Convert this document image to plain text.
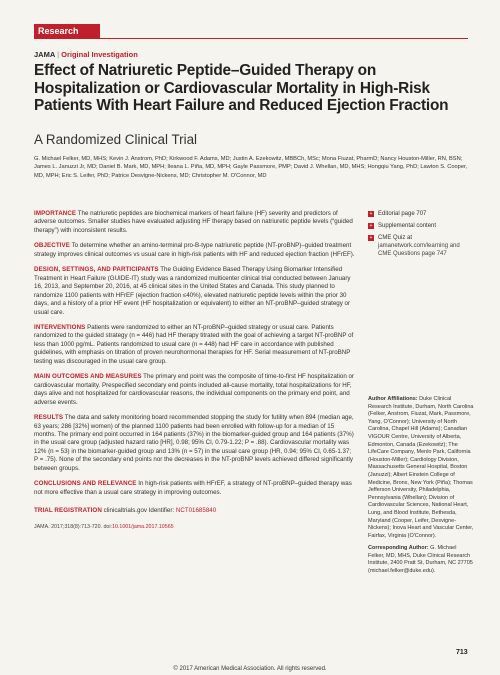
Research
JAMA | Original Investigation
Effect of Natriuretic Peptide–Guided Therapy on Hospitalization or Cardiovascular Mortality in High-Risk Patients With Heart Failure and Reduced Ejection Fraction
A Randomized Clinical Trial
G. Michael Felker, MD, MHS; Kevin J. Anstrom, PhD; Kirkwood F. Adams, MD; Justin A. Ezekowitz, MBBCh, MSc; Mona Fiuzat, PharmD; Nancy Houston-Miller, RN, BSN; James L. Januzzi Jr, MD; Daniel B. Mark, MD, MPH; Ileana L. Piña, MD, MPH; Gayle Passmore, PMP; David J. Whellan, MD, MHS; Hongqiu Yang, PhD; Lawton S. Cooper, MD, MPH; Eric S. Leifer, PhD; Patrice Desvigne-Nickens, MD; Christopher M. O'Connor, MD

IMPORTANCE The natriuretic peptides are biochemical markers of heart failure (HF) severity and predictors of adverse outcomes. Smaller studies have evaluated adjusting HF therapy based on natriuretic peptide levels (“guided therapy”) with inconsistent results.

OBJECTIVE To determine whether an amino-terminal pro-B-type natriuretic peptide (NT-proBNP)–guided treatment strategy improves clinical outcomes vs usual care in high-risk patients with HF and reduced ejection fraction (HFrEF).

DESIGN, SETTINGS, AND PARTICIPANTS The Guiding Evidence Based Therapy Using Biomarker Intensified Treatment in Heart Failure (GUIDE-IT) study was a randomized multicenter clinical trial conducted between January 16, 2013, and September 20, 2016, at 45 clinical sites in the United States and Canada. This study planned to randomize 1100 patients with HFrEF (ejection fraction ≤40%), elevated natriuretic peptide levels within the prior 30 days, and a history of a prior HF event (HF hospitalization or equivalent) to either an NT-proBNP–guided strategy or usual care.

INTERVENTIONS Patients were randomized to either an NT-proBNP–guided strategy or usual care. Patients randomized to the guided strategy (n = 446) had HF therapy titrated with the goal of achieving a target NT-proBNP of less than 1000 pg/mL. Patients randomized to usual care (n = 448) had HF care in accordance with published guidelines, with emphasis on titration of proven neurohormonal therapies for HF. Serial measurement of NT-proBNP testing was discouraged in the usual care group.

MAIN OUTCOMES AND MEASURES The primary end point was the composite of time-to-first HF hospitalization or cardiovascular mortality. Prespecified secondary end points included all-cause mortality, total hospitalizations for HF, days alive and not hospitalized for cardiovascular reasons, the individual components on the primary end point, and adverse events.

RESULTS The data and safety monitoring board recommended stopping the study for futility when 894 (median age, 63 years; 286 [32%] women) of the planned 1100 patients had been enrolled with follow-up for a median of 15 months. The primary end point occurred in 164 patients (37%) in the biomarker-guided group and 164 patients (37%) in the usual care group (adjusted hazard ratio [HR], 0.98; 95% CI, 0.79-1.22; P = .88). Cardiovascular mortality was 12% (n = 53) in the biomarker-guided group and 13% (n = 57) in the usual care group (HR, 0.94; 95% CI, 0.65-1.37; P = .75). None of the secondary end points nor the decreases in the NT-proBNP levels achieved differed significantly between groups.

CONCLUSIONS AND RELEVANCE In high-risk patients with HFrEF, a strategy of NT-proBNP–guided therapy was not more effective than a usual care strategy in improving outcomes.

TRIAL REGISTRATION clinicaltrials.gov Identifier: NCT01685840

JAMA. 2017;318(8):713-720. doi:10.1001/jama.2017.10565
+ Editorial page 707
+ Supplemental content
+ CME Quiz at
jamanetwork.com/learning and CME Questions page 747
Author Affiliations: Duke Clinical Research Institute, Durham, North Carolina (Felker, Anstrom, Fiuzat, Mark, Passmore, Yang, O'Connor); University of North Carolina, Chapel Hill (Adams); Canadian VIGOUR Centre, University of Alberta, Edmonton, Canada (Ezekowitz); The LifeCare Company, Menlo Park, California (Houston-Miller); Cardiology Division, Massachusetts General Hospital, Boston (Januzzi); Albert Einstein College of Medicine, Bronx, New York (Piña); Thomas Jefferson University, Philadelphia, Pennsylvania (Whellan); Division of Cardiovascular Sciences, National Heart, Lung, and Blood Institute, Bethesda, Maryland (Cooper, Leifer, Desvigne-Nickens); Inova Heart and Vascular Center, Fairfax, Virginia (O'Connor).
Corresponding Author: G. Michael Felker, MD, MHS, Duke Clinical Research Institute, 2400 Pratt St, Durham, NC 27705 (michael.felker@duke.edu).
713
© 2017 American Medical Association. All rights reserved.
